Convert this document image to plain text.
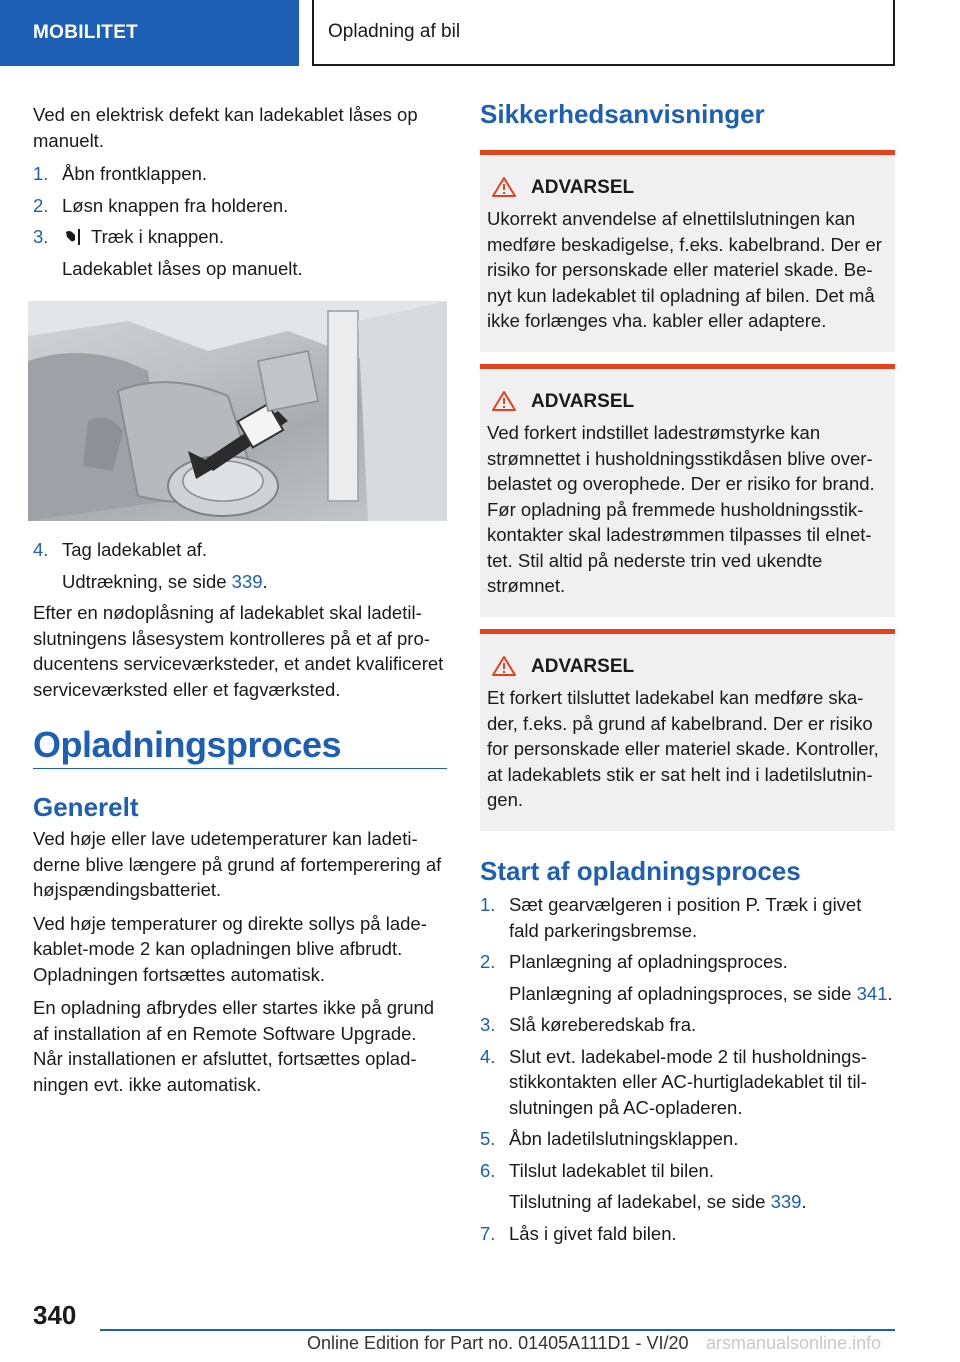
MOBILITET	Opladning af bil

Ved en elektrisk defekt kan ladekablet låses op manuelt.

1. Åbn frontklappen.
2. Løsn knappen fra holderen.
3.	Træk i knappen.
Ladekablet låses op manuelt.
4. Tag ladekablet af.
Udtrækning, se side 339.

Efter en nødoplåsning af ladekablet skal ladetilslutningens låsesystem kontrolleres på et af producentens serviceværksteder, et andet kvalificeret serviceværksted eller et fagværksted.

Opladningsproces
Generelt

Ved høje eller lave udetemperaturer kan ladetiderne blive længere på grund af fortemperering af højspændingsbatteriet.

Ved høje temperaturer og direkte sollys på ladekablet-mode 2 kan opladningen blive afbrudt. Opladningen fortsættes automatisk.

En opladning afbrydes eller startes ikke på grund af installation af en Remote Software Upgrade. Når installationen er afsluttet, fortsættes opladningen evt. ikke automatisk.

Sikkerhedsanvisninger
ADVARSEL
Ukorrekt anvendelse af elnettilslutningen kan medføre beskadigelse, f.eks. kabelbrand. Der er risiko for personskade eller materiel skade. Benyt kun ladekablet til opladning af bilen. Det må ikke forlænges vha. kabler eller adaptere.
ADVARSEL
Ved forkert indstillet ladestrømstyrke kan strømnettet i husholdningsstikdåsen blive overbelastet og overophede. Der er risiko for brand. Før opladning på fremmede husholdningsstikkontakter skal ladestrømmen tilpasses til elnettet. Stil altid på nederste trin ved ukendte strømnet.
ADVARSEL
Et forkert tilsluttet ladekabel kan medføre skader, f.eks. på grund af kabelbrand. Der er risiko for personskade eller materiel skade. Kontroller, at ladekablets stik er sat helt ind i ladetilslutningen.
Start af opladningsproces
1. Sæt gearvælgeren i position P. Træk i givet fald parkeringsbremse.
2. Planlægning af opladningsproces.
Planlægning af opladningsproces, se side 341.
3. Slå køreberedskab fra.
4. Slut evt. ladekabel-mode 2 til husholdningsstikkontakten eller AC-hurtigladekablet til tilslutningen på AC-opladeren.
5. Åbn ladetilslutningsklappen.
6. Tilslut ladekablet til bilen.
Tilslutning af ladekabel, se side 339.
7. Lås i givet fald bilen.
340
Online Edition for Part no. 01405A111D1 - VI/20 arsmanualsonline.info
